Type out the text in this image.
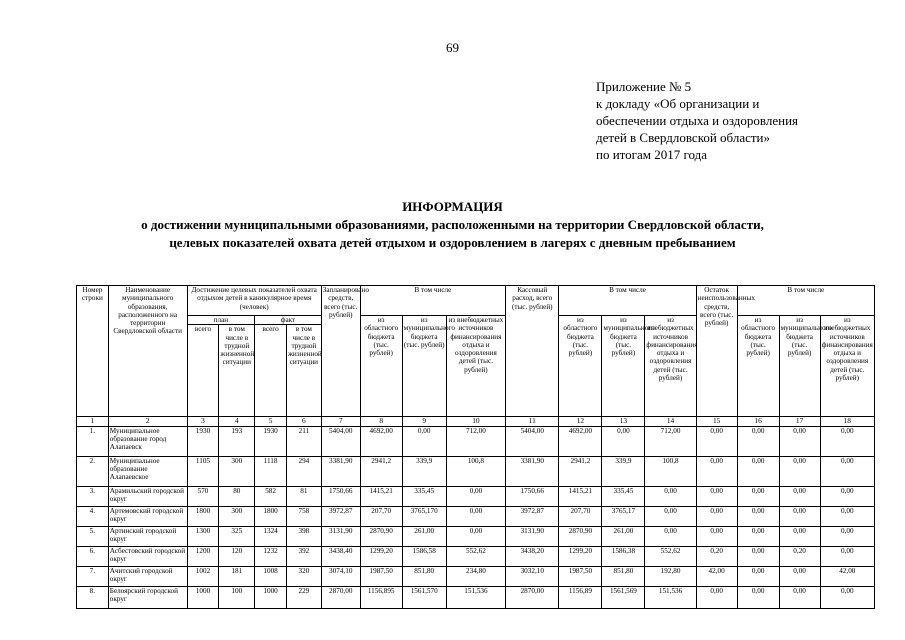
69
Приложение № 5
к докладу «Об организации и
обеспечении отдыха и оздоровления
детей в Свердловской области»
по итогам 2017 года
ИНФОРМАЦИЯ
о достижении муниципальными образованиями, расположенными на территории Свердловской области,
целевых показателей охвата детей отдыхом и оздоровлением в лагерях с дневным пребыванием
Номер строки	Наименование муниципального образования, расположенного на территории Свердловской области	Достижение целевых показателей охвата отдыхом детей в каникулярное время (человек)				Запланировано средств, всего (тыс. рублей)	В том числе			Кассовый расход, всего (тыс. рублей)	В том числе			Остаток неиспользованных средств, всего (тыс. рублей)	В том числе		
		план		факт			из областного бюджета (тыс. рублей)	из муниципального бюджета (тыс. рублей)	из внебюджетных источников финансирования отдыха и оздоровления детей (тыс. рублей)		из областного бюджета (тыс. рублей)	из муниципального бюджета (тыс. рублей)	из внебюджетных источников финансирования отдыха и оздоровления детей (тыс. рублей)		из областного бюджета (тыс. рублей)	из муниципального бюджета (тыс. рублей)	из внебюджетных источников финансирования отдыха и оздоровления детей (тыс. рублей)
		всего	в том числе в трудной жизненной ситуации	всего	в том числе в трудной жизненной ситуации												
1	2	3	4	5	6	7	8	9	10	11	12	13	14	15	16	17	18
1.	Муниципальное образование город Алапаевск	1930	193	1930	211	5404,00	4692,00	0,00	712,00	5404,00	4692,00	0,00	712,00	0,00	0,00	0,00	0,00
2.	Муниципальное образование Алапаевское	1105	300	1118	294	3381,90	2941,2	339,9	100,8	3381,90	2941,2	339,9	100,8	0,00	0,00	0,00	0,00
3.	Арамильский городской округ	570	80	582	81	1750,66	1415,21	335,45	0,00	1750,66	1415,21	335,45	0,00	0,00	0,00	0,00	0,00
4.	Артемовский городской округ	1800	300	1800	758	3972,87	207,70	3765,170	0,00	3972,87	207,70	3765,17	0,00	0,00	0,00	0,00	0,00
5.	Артинский городской округ	1300	325	1324	398	3131,90	2870,90	261,00	0,00	3131,90	2870,90	261,00	0,00	0,00	0,00	0,00	0,00
6.	Асбестовский городской округ	1200	120	1232	392	3438,40	1299,20	1586,58	552,62	3438,20	1299,20	1586,38	552,62	0,20	0,00	0,20	0,00
7.	Ачитский городской округ	1002	181	1008	320	3074,10	1987,50	851,80	234,80	3032,10	1987,50	851,80	192,80	42,00	0,00	0,00	42,00
8.	Белоярский городской округ	1000	100	1000	229	2870,00	1156,895	1561,570	151,536	2870,00	1156,89	1561,569	151,536	0,00	0,00	0,00	0,00
